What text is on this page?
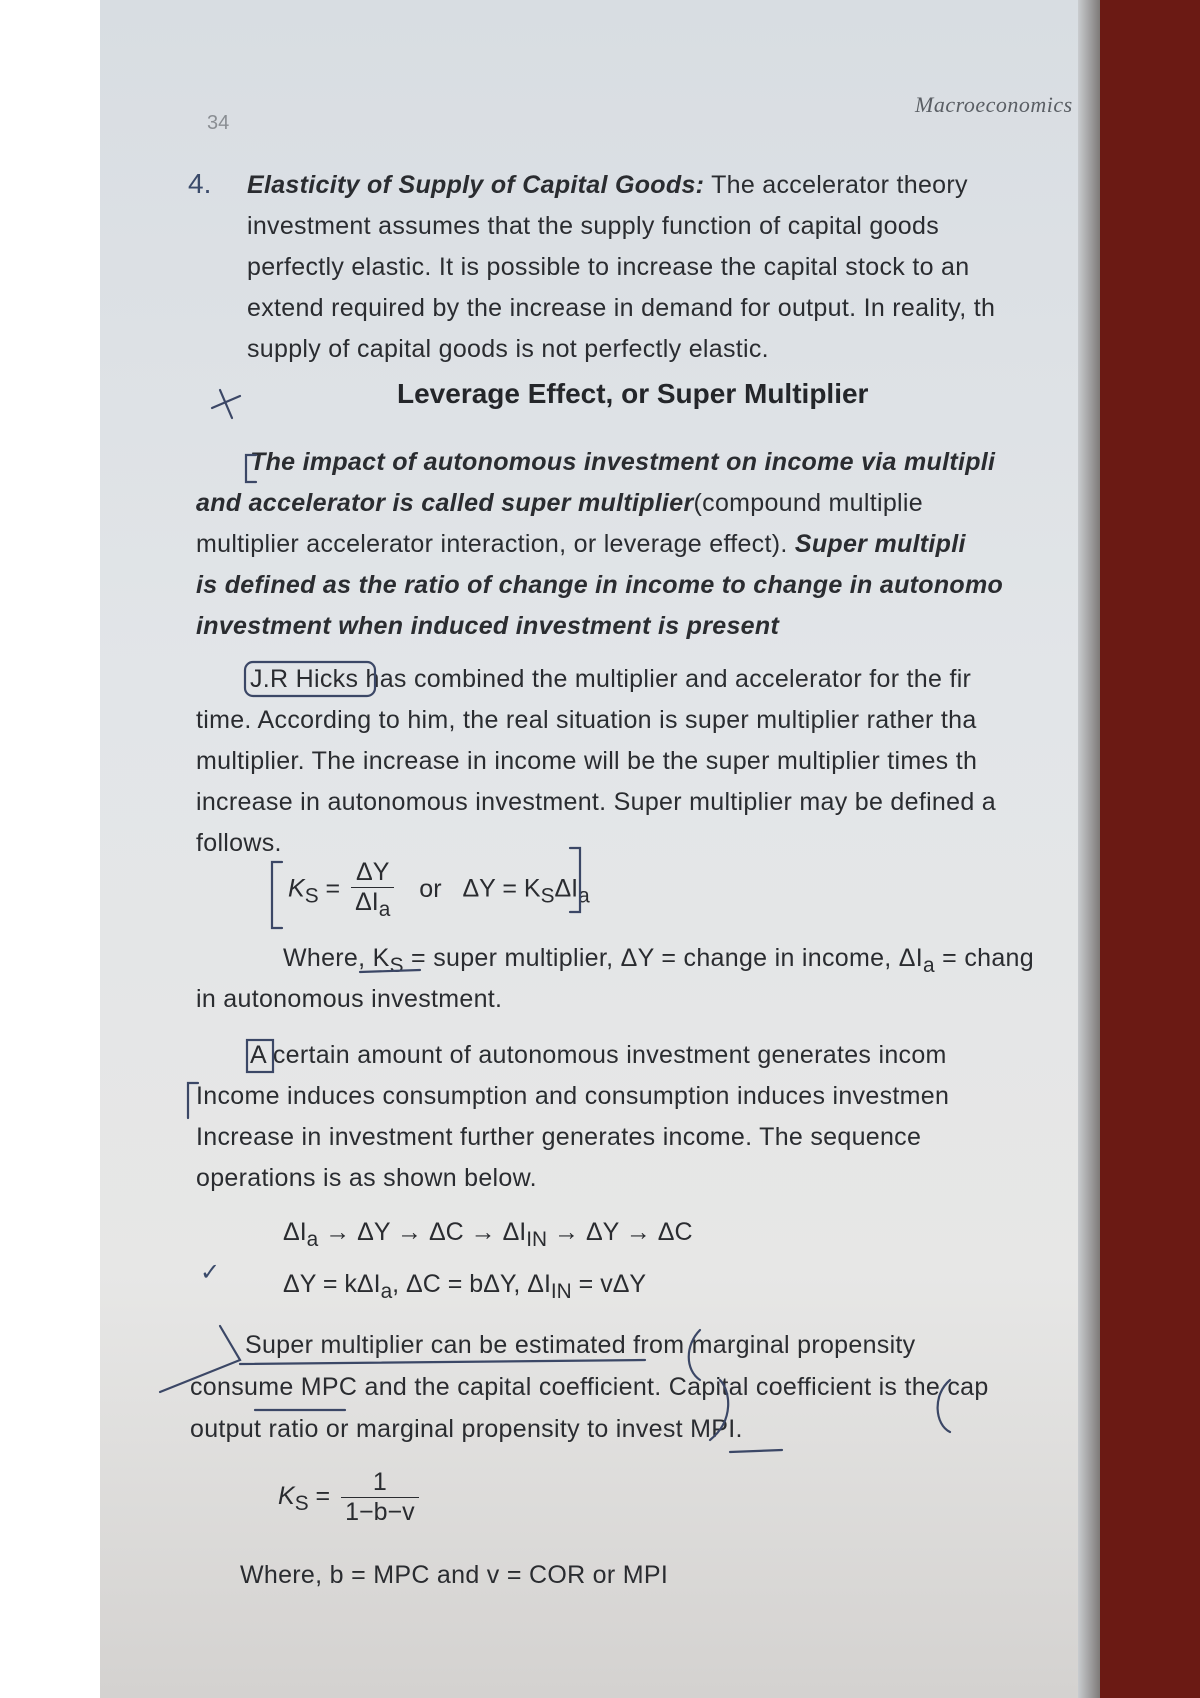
34
Macroeconomics
4. Elasticity of Supply of Capital Goods: The accelerator theory
investment assumes that the supply function of capital goods
perfectly elastic. It is possible to increase the capital stock to an
extend required by the increase in demand for output. In reality, th
supply of capital goods is not perfectly elastic.
Leverage Effect, or Super Multiplier
The impact of autonomous investment on income via multipli
and accelerator is called super multiplier(compound multiplie
multiplier accelerator interaction, or leverage effect). Super multipli
is defined as the ratio of change in income to change in autonomo
investment when induced investment is present
J.R Hicks has combined the multiplier and accelerator for the fir
time. According to him, the real situation is super multiplier rather tha
multiplier. The increase in income will be the super multiplier times th
increase in autonomous investment. Super multiplier may be defined a
follows.
$K_S = \frac{\Delta Y}{\Delta I_a}$ or $\Delta Y = K_S\Delta I_a$
Where, $K_S$ = super multiplier, ΔY = change in income, $\Delta I_a$ = chang
in autonomous investment.
A certain amount of autonomous investment generates incom
Income induces consumption and consumption induces investmen
Increase in investment further generates income. The sequence
operations is as shown below.
$\Delta I_a \to \Delta Y \to \Delta C \to \Delta I_{IN} \to \Delta Y \to \Delta C$
✓	ΔY = kΔI$_a$, ΔC = bΔY, $\Delta I_{IN} = v\Delta Y$
Super multiplier can be estimated from marginal propensity
consume MPC and the capital coefficient. Capital coefficient is the cap
output ratio or marginal propensity to invest MPI.
$K_S = \frac{1}{1-b-v}$
Where, b = MPC and v = COR or MPI
